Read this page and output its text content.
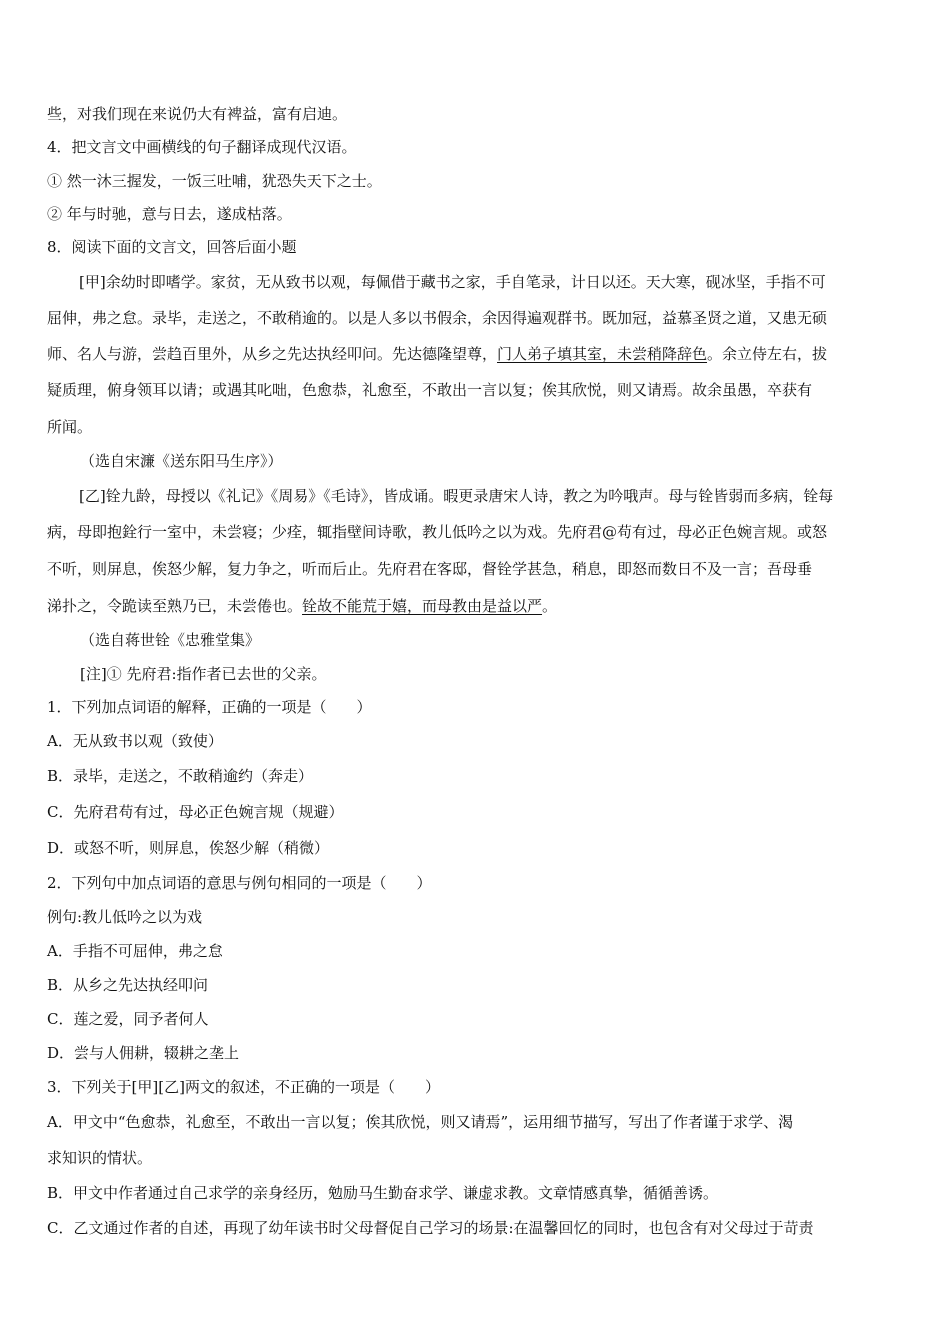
些，对我们现在来说仍大有裨益，富有启迪。
4．把文言文中画横线的句子翻译成现代汉语。
① 然一沐三握发，一饭三吐哺，犹恐失天下之士。
② 年与时驰，意与日去，遂成枯落。
8．阅读下面的文言文，回答后面小题
[甲]余幼时即嗜学。家贫，无从致书以观，每佩借于藏书之家，手自笔录，计日以还。天大寒，砚冰坚，手指不可
屈伸，弗之怠。录毕，走送之，不敢稍逾的。以是人多以书假余，余因得遍观群书。既加冠，益慕圣贤之道，又患无硕
师、名人与游，尝趋百里外，从乡之先达执经叩问。先达德隆望尊，门人弟子填其室，未尝稍降辞色。余立侍左右，拔
疑质理，俯身领耳以请；或遇其叱咄，色愈恭，礼愈至，不敢出一言以复；俟其欣悦，则又请焉。故余虽愚，卒获有
所闻。
（选自宋濂《送东阳马生序》）
[乙]铨九龄，母授以《礼记》《周易》《毛诗》，皆成诵。暇更录唐宋人诗，教之为吟哦声。母与铨皆弱而多病，铨每
病，母即抱銓行一室中，未尝寝；少痊，辄指壁间诗歌，教儿低吟之以为戏。先府君@苟有过，母必正色婉言规。或怒
不听，则屏息，俟怒少解，复力争之，听而后止。先府君在客邸，督铨学甚急，稍息，即怒而数日不及一言；吾母垂
涕扑之，令跪读至熟乃已，未尝倦也。铨故不能荒于嬉，而母教由是益以严。
（选自蒋世铨《忠雅堂集》
[注]① 先府君:指作者已去世的父亲。
1．下列加点词语的解释，正确的一项是（　　）
A．无从致书以观（致使）
B．录毕，走送之，不敢稍逾约（奔走）
C．先府君苟有过，母必正色婉言规（规避）
D．或怒不听，则屏息，俟怒少解（稍微）
2．下列句中加点词语的意思与例句相同的一项是（　　）
例句:教儿低吟之以为戏
A．手指不可屈伸，弗之怠
B．从乡之先达执经叩问
C．莲之爱，同予者何人
D．尝与人佣耕，辍耕之垄上
3．下列关于[甲][乙]两文的叙述，不正确的一项是（　　）
A．甲文中“色愈恭，礼愈至，不敢出一言以复；俟其欣悦，则又请焉”，运用细节描写，写出了作者谨于求学、渴
求知识的情状。
B．甲文中作者通过自己求学的亲身经历，勉励马生勤奋求学、谦虚求教。文章情感真挚，循循善诱。
C．乙文通过作者的自述，再现了幼年读书时父母督促自己学习的场景:在温馨回忆的同时，也包含有对父母过于苛责
